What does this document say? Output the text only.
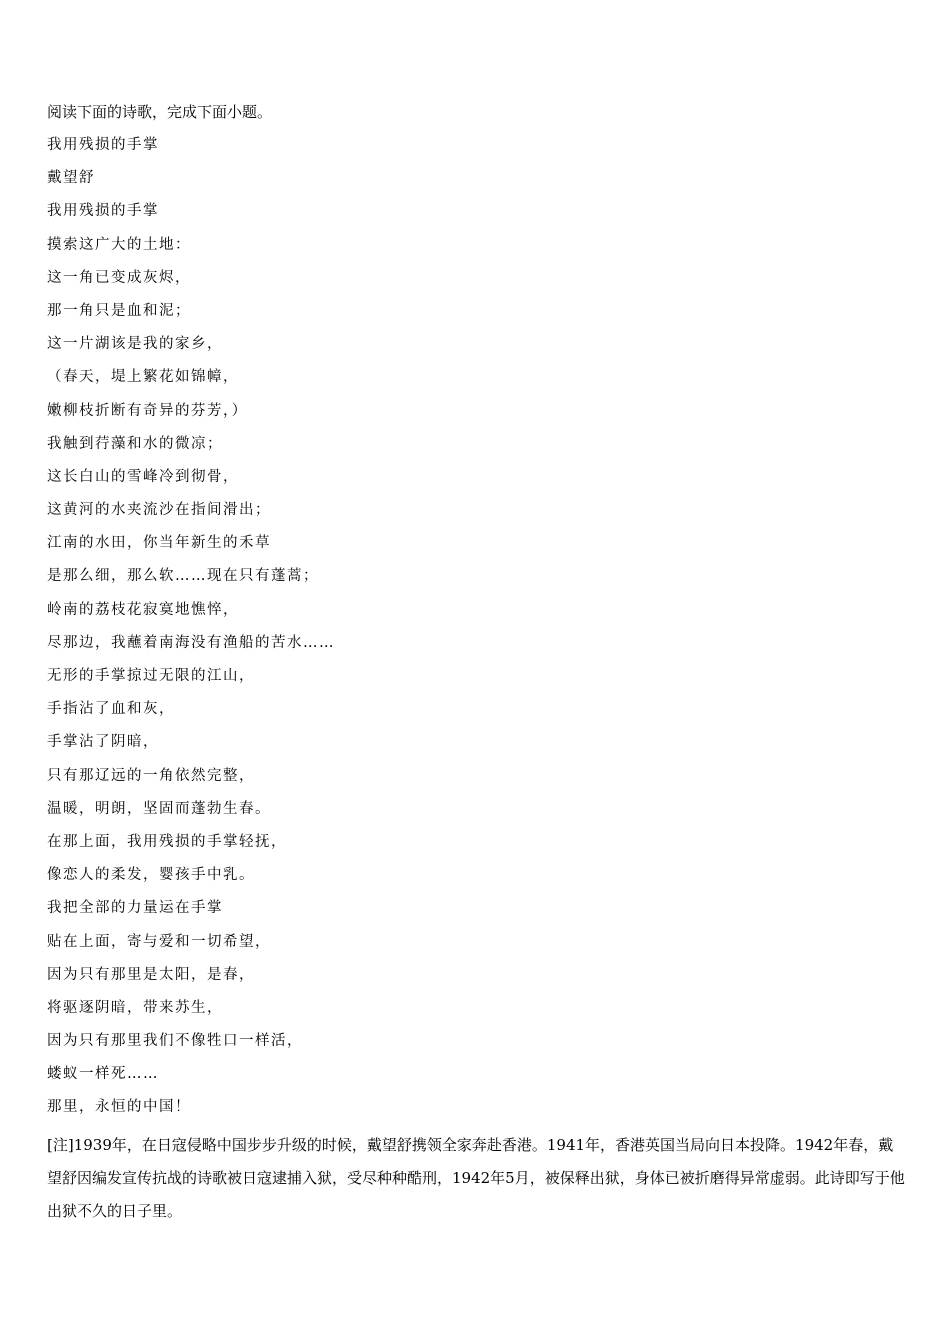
阅读下面的诗歌，完成下面小题。
我用残损的手掌
戴望舒
我用残损的手掌
摸索这广大的土地：
这一角已变成灰烬，
那一角只是血和泥；
这一片湖该是我的家乡，
（春天，堤上繁花如锦幛，
嫩柳枝折断有奇异的芬芳，）
我触到荇藻和水的微凉；
这长白山的雪峰冷到彻骨，
这黄河的水夹流沙在指间滑出；
江南的水田，你当年新生的禾草
是那么细，那么软……现在只有蓬蒿；
岭南的荔枝花寂寞地憔悴，
尽那边，我蘸着南海没有渔船的苦水……
无形的手掌掠过无限的江山，
手指沾了血和灰，
手掌沾了阴暗，
只有那辽远的一角依然完整，
温暖，明朗，坚固而蓬勃生春。
在那上面，我用残损的手掌轻抚，
像恋人的柔发，婴孩手中乳。
我把全部的力量运在手掌
贴在上面，寄与爱和一切希望，
因为只有那里是太阳，是春，
将驱逐阴暗，带来苏生，
因为只有那里我们不像牲口一样活，
蝼蚁一样死……
那里，永恒的中国！

[注]1939年，在日寇侵略中国步步升级的时候，戴望舒携领全家奔赴香港。1941年，香港英国当局向日本投降。1942年春，戴望舒因编发宣传抗战的诗歌被日寇逮捕入狱，受尽种种酷刑，1942年5月，被保释出狱，身体已被折磨得异常虚弱。此诗即写于他出狱不久的日子里。
